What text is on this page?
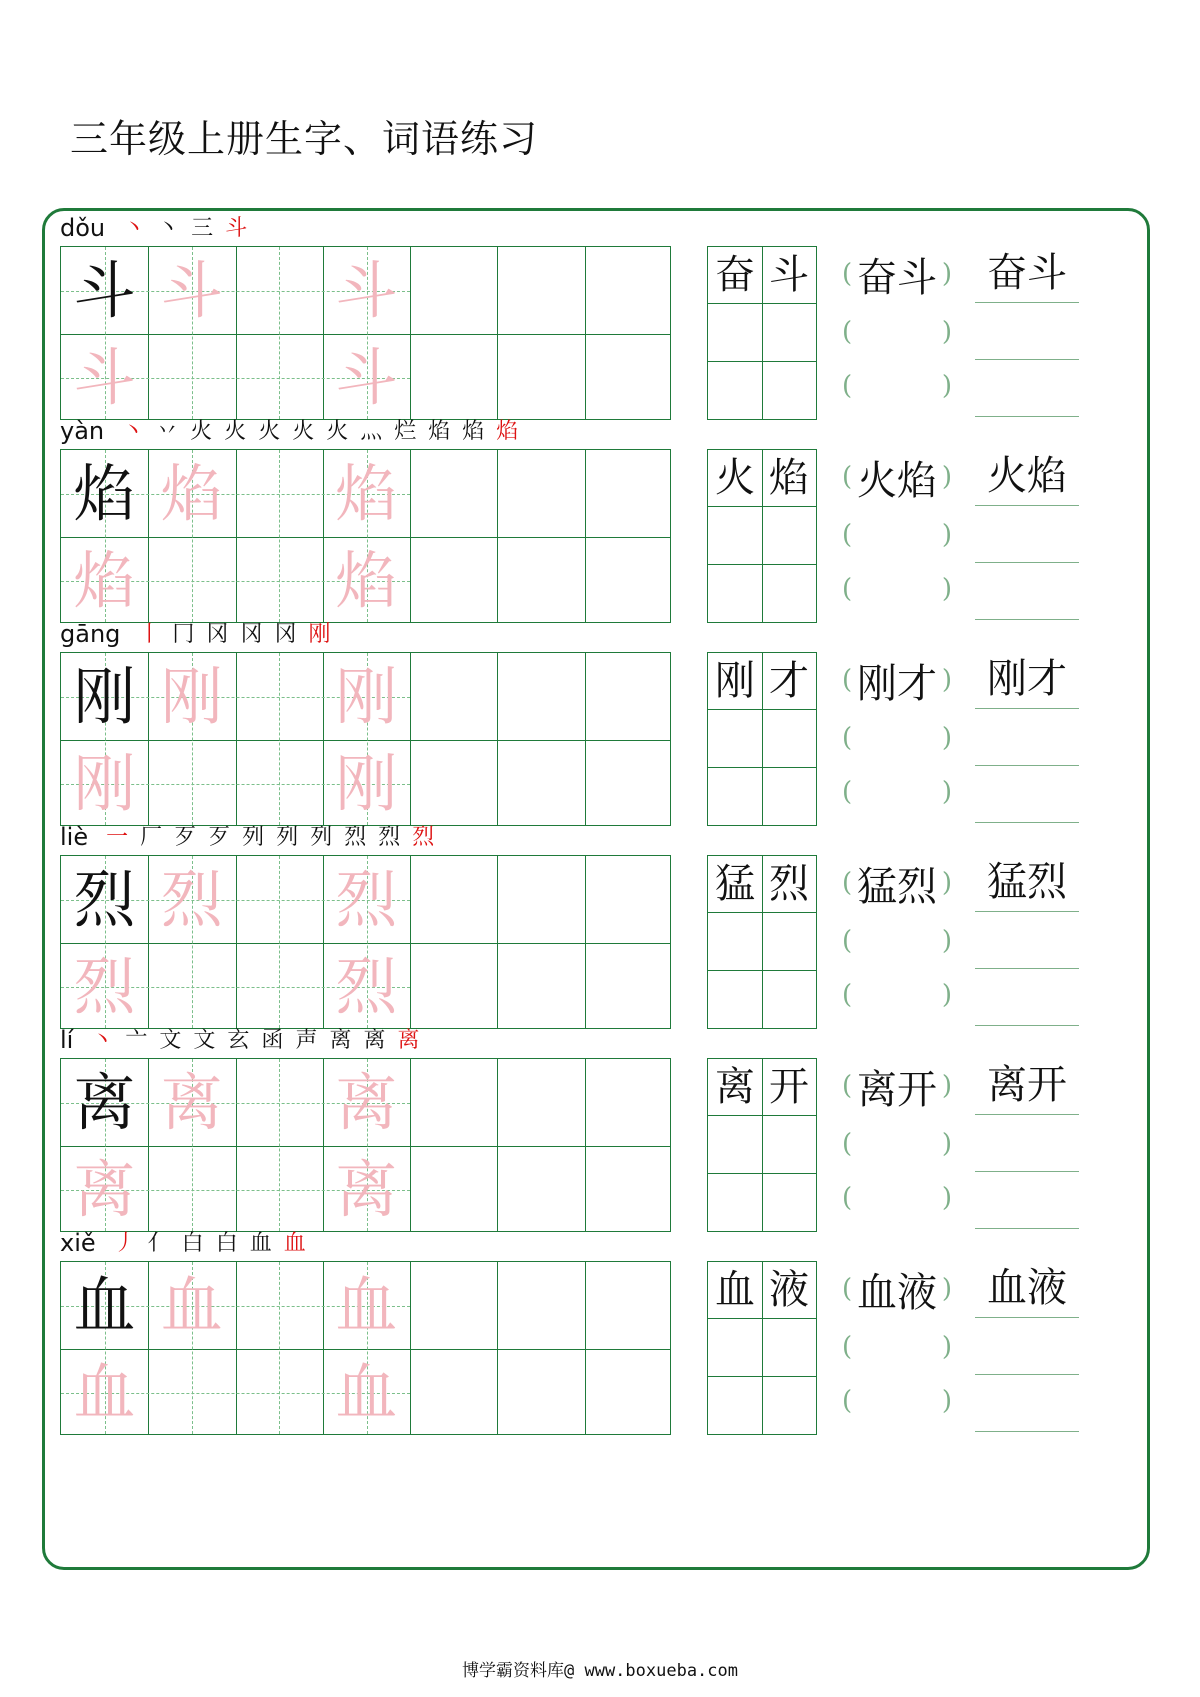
三年级上册生字、词语练习
dǒu 丶 丶 三 斗
斗 斗 斗
斗	斗
奋 斗 ( 奋斗 )
(	)
(	)
奋斗
yàn 丶 丷 火 火 火 火 火 灬 烂 焰 焰 焰
焰 焰 焰
焰	焰
火 焰 ( 火焰 )
(	)
(	)
火焰
gāng 丨 冂 冈 冈 冈 刚
刚 刚 刚
刚	刚
刚 才 ( 刚才 )
(	)
(	)
刚才
liè 一 厂 歹 歹 列 列 列 烈 烈 烈
烈 烈 烈
烈	烈
猛 烈 ( 猛烈 )
(	)
(	)
猛烈
lí 丶 亠 文 文 玄 函 声 离 离 离
离 离 离
离	离
离 开 ( 离开 )
(	)
(	)
离开
xiě 丿 亻 白 白 血 血
血 血 血
血	血
血 液 ( 血液 )
(	)
(	)
血液
博学霸资料库@ www.boxueba.com
